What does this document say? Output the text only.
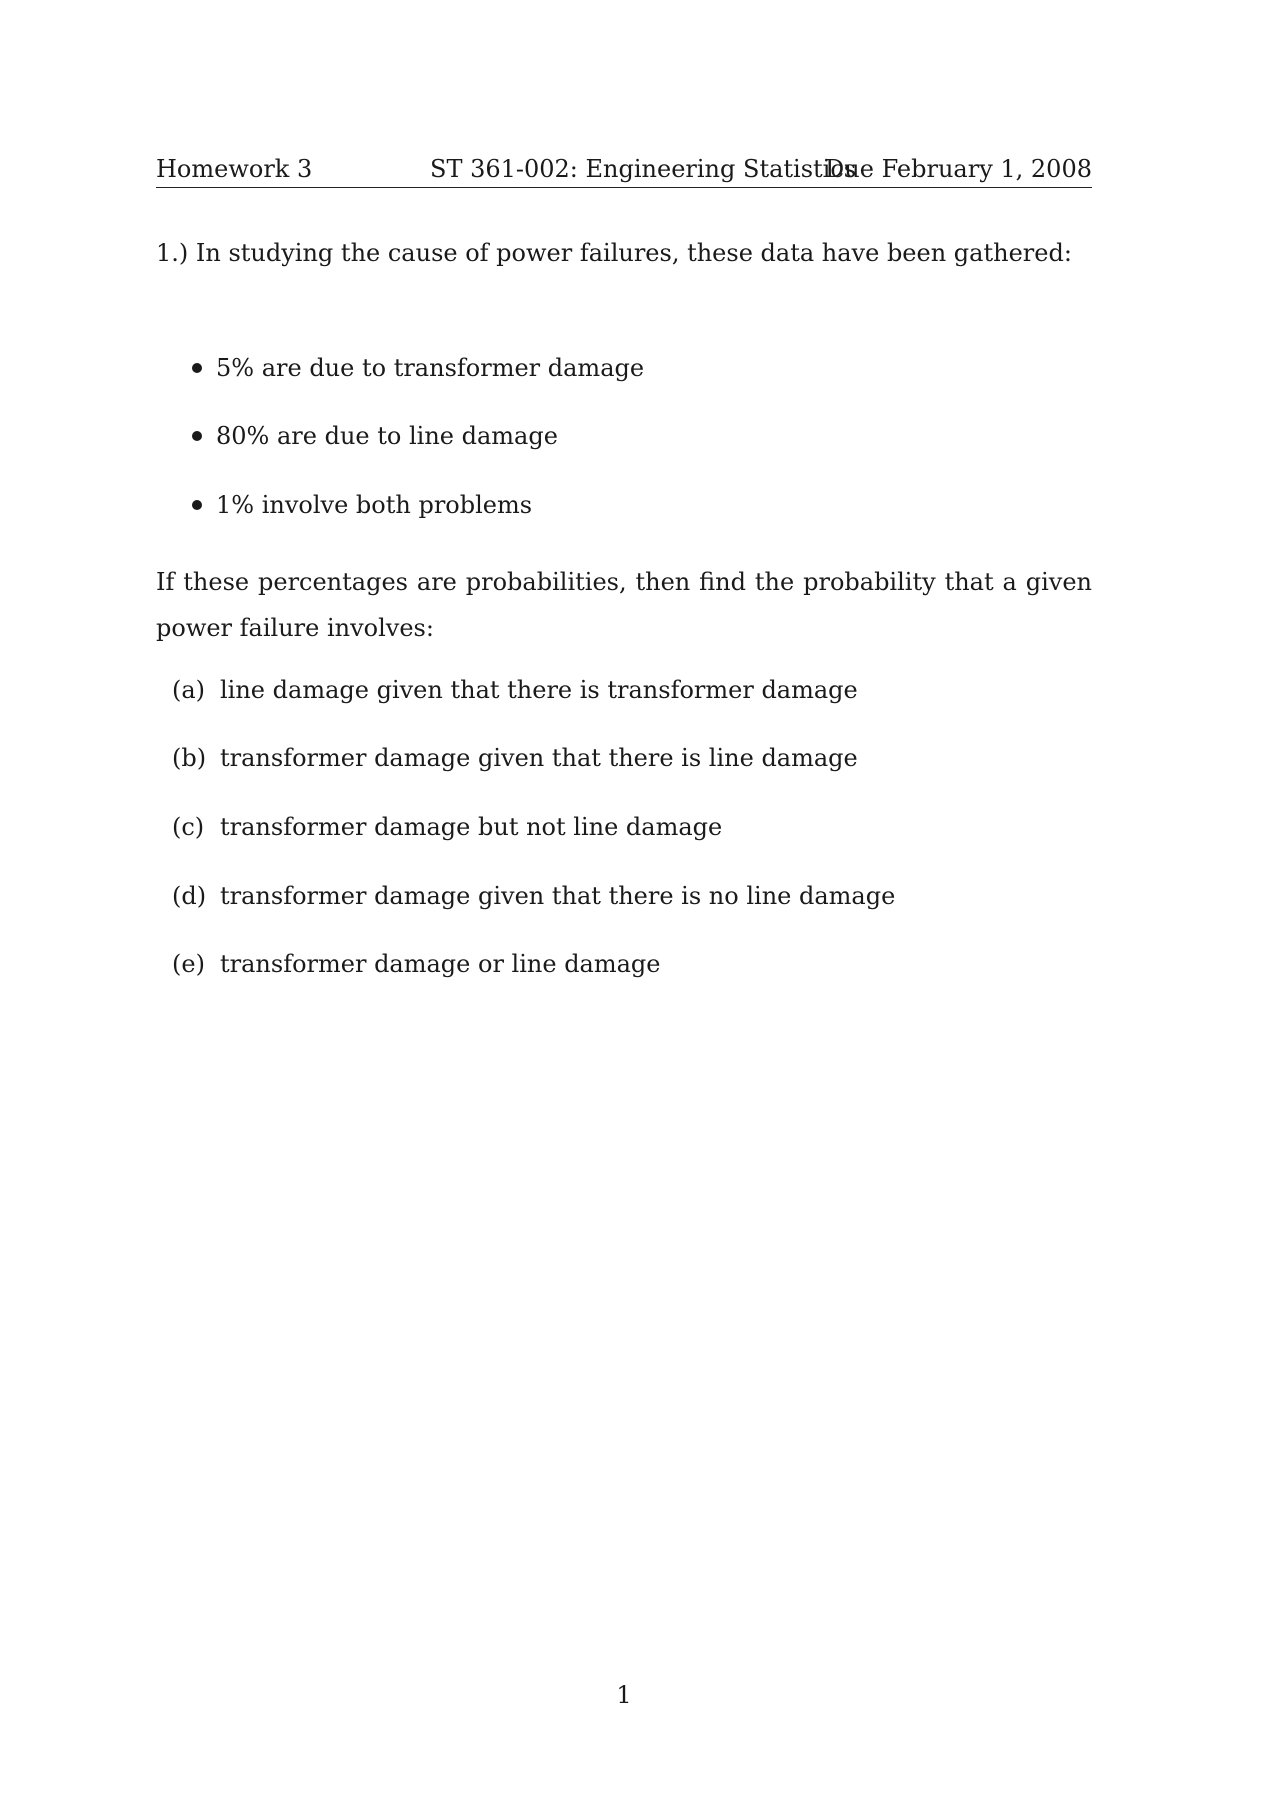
Homework 3	ST 361-002: Engineering Statistics
Due February 1, 2008
1.) In studying the cause of power failures, these data have been gathered:
5% are due to transformer damage
80% are due to line damage
1% involve both problems
If these percentages are probabilities, then find the probability that a given power failure involves:
(a) line damage given that there is transformer damage
(b) transformer damage given that there is line damage
(c) transformer damage but not line damage
(d) transformer damage given that there is no line damage
(e) transformer damage or line damage
1
